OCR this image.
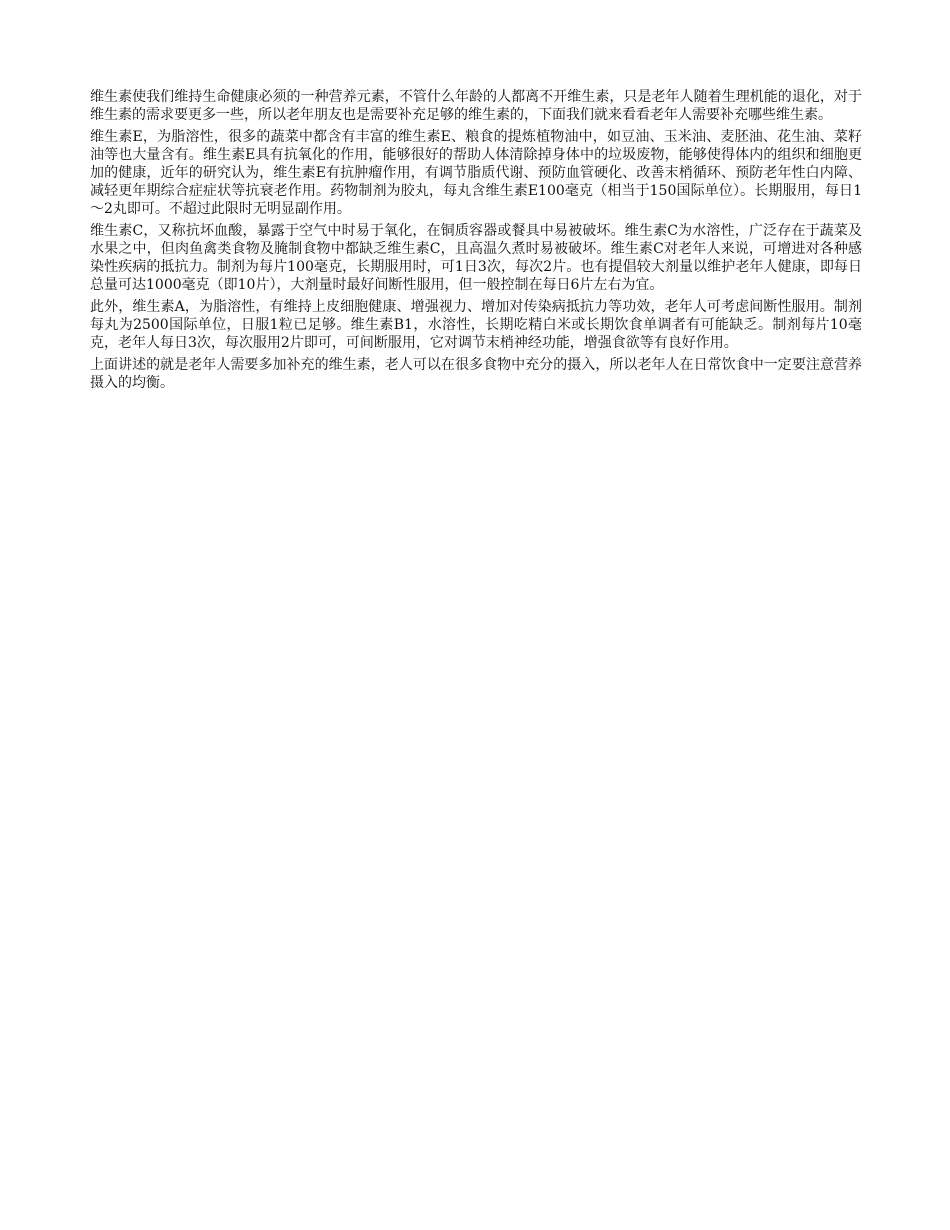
维生素使我们维持生命健康必须的一种营养元素，不管什么年龄的人都离不开维生素，只是老年人随着生理机能的退化，对于维生素的需求要更多一些，所以老年朋友也是需要补充足够的维生素的，下面我们就来看看老年人需要补充哪些维生素。

维生素E，为脂溶性，很多的蔬菜中都含有丰富的维生素E、粮食的提炼植物油中，如豆油、玉米油、麦胚油、花生油、菜籽油等也大量含有。维生素E具有抗氧化的作用，能够很好的帮助人体清除掉身体中的垃圾废物，能够使得体内的组织和细胞更加的健康，近年的研究认为，维生素E有抗肿瘤作用，有调节脂质代谢、预防血管硬化、改善末梢循环、预防老年性白内障、减轻更年期综合症症状等抗衰老作用。药物制剂为胶丸，每丸含维生素E100毫克（相当于150国际单位）。长期服用，每日1～2丸即可。不超过此限时无明显副作用。

维生素C，又称抗坏血酸，暴露于空气中时易于氧化，在铜质容器或餐具中易被破坏。维生素C为水溶性，广泛存在于蔬菜及水果之中，但肉鱼禽类食物及腌制食物中都缺乏维生素C，且高温久煮时易被破坏。维生素C对老年人来说，可增进对各种感染性疾病的抵抗力。制剂为每片100毫克，长期服用时，可1日3次，每次2片。也有提倡较大剂量以维护老年人健康，即每日总量可达1000毫克（即10片），大剂量时最好间断性服用，但一般控制在每日6片左右为宜。

此外，维生素A，为脂溶性，有维持上皮细胞健康、增强视力、增加对传染病抵抗力等功效，老年人可考虑间断性服用。制剂每丸为2500国际单位，日服1粒已足够。维生素B1，水溶性，长期吃精白米或长期饮食单调者有可能缺乏。制剂每片10毫克，老年人每日3次，每次服用2片即可，可间断服用，它对调节末梢神经功能，增强食欲等有良好作用。

上面讲述的就是老年人需要多加补充的维生素，老人可以在很多食物中充分的摄入，所以老年人在日常饮食中一定要注意营养摄入的均衡。
